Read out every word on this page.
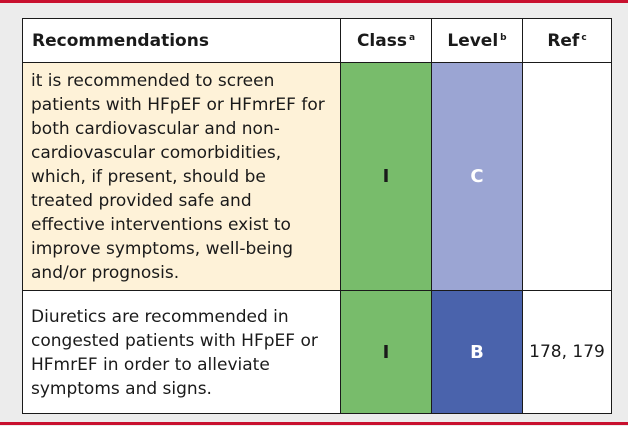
Recommendations	Class $^a$	Level $^b$	Ref $^c$
it is recommended to screen patients with HFpEF or HFmrEF for both cardiovascular and non-cardiovascular comorbidities, which, if present, should be treated provided safe and effective interventions exist to improve symptoms, well-being and/or prognosis.	I	C	
Diuretics are recommended in congested patients with HFpEF or HFmrEF in order to alleviate symptoms and signs.	I	B	178, 179
